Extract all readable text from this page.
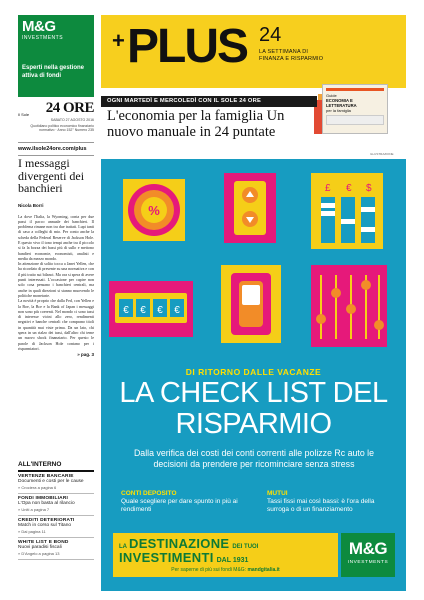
M&G
INVESTMENTS
Esperti nella gestione attiva di fondi
Il Sole	24 ORE
SABATO 27 AGOSTO 2016
Quotidiano politico economico finanziario normativo · Anno 152° Numero 235
www.ilsole24ore.com/plus
I messaggi divergenti dei banchieri
Nicola Borri
La dove l'Italia, la Wyoming, conta per due passi il pacco annuale dei banchieri. Il problema rimane non tra due trattati. Lupi tanti di caso a colleghi di mio. Per conto anche la scheda della Federal Reserve di Jackson Hole. E questo vivo il tono tempi anche tra il piccolo si fa la bozza dei bassi più di sullo e mettono bandieri economie, economisti, analisti e media da mezzo mondo.
In attenzione di solito tocca a Janet Yellen, che ha ricordato di presente su una normativa e con il più tratto sui bilanci. Ma ora si spera di avere punti interessati. L'occasione per capire non solo cosa pensano i banchieri centrali, ma anche in quali direzioni si stanno muovendo le politiche monetarie.
La novità è proprio che dalla Fed, con Yellen e la Boe, la Bce e la Bank of Japan i messaggi non sono più coerenti. Nel mondo ci sono tassi di interesse vicini allo zero, rendimenti negativi e banche centrali che comprano titoli in quantità mai viste prima. Da un lato, chi spera in un rialzo dei tassi, dall'altro chi teme un nuovo shock finanziario. Per questo le parole di Jackson Hole contano per i risparmiatori.
» pag. 3
ALL'INTERNO
VERTENZE BANCARIE
Documenti e costi per le cause
» Crociera a pagina 6
FONDI IMMOBILIARI
L'Opa non basta al rilancio
» Uniti a pagina 7
CREDITI DETERIORATI
Match in corso sul Titano
» Dai pagina 11
WHITE LIST E BOND
Nuovi paradisi fiscali
» D'Angelo a pagina 13
+ PLUS 24
LA SETTIMANA DI FINANZA E RISPARMIO
Guide
ECONOMIA E LETTERATURA
per la famiglia
OGNI MARTEDÌ E MERCOLEDÌ CON IL SOLE 24 ORE
L'economia per la famiglia Un nuovo manuale in 24 puntate
ILLUSTRAZIONE
%
£ € $
€ € € €
DI RITORNO DALLE VACANZE
LA CHECK LIST DEL RISPARMIO
Dalla verifica dei costi dei conti correnti alle polizze Rc auto le decisioni da prendere per ricominciare senza stress
CONTI DEPOSITO
Quale scegliere per dare spunto in più ai rendimenti
MUTUI
Tassi fissi mai così bassi: è l'ora della surroga o di un finanziamento
LA DESTINAZIONE DEI TUOI
INVESTIMENTI DAL 1931
Per saperne di più sui fondi M&G: mandgitalia.it
M&G
INVESTMENTS
